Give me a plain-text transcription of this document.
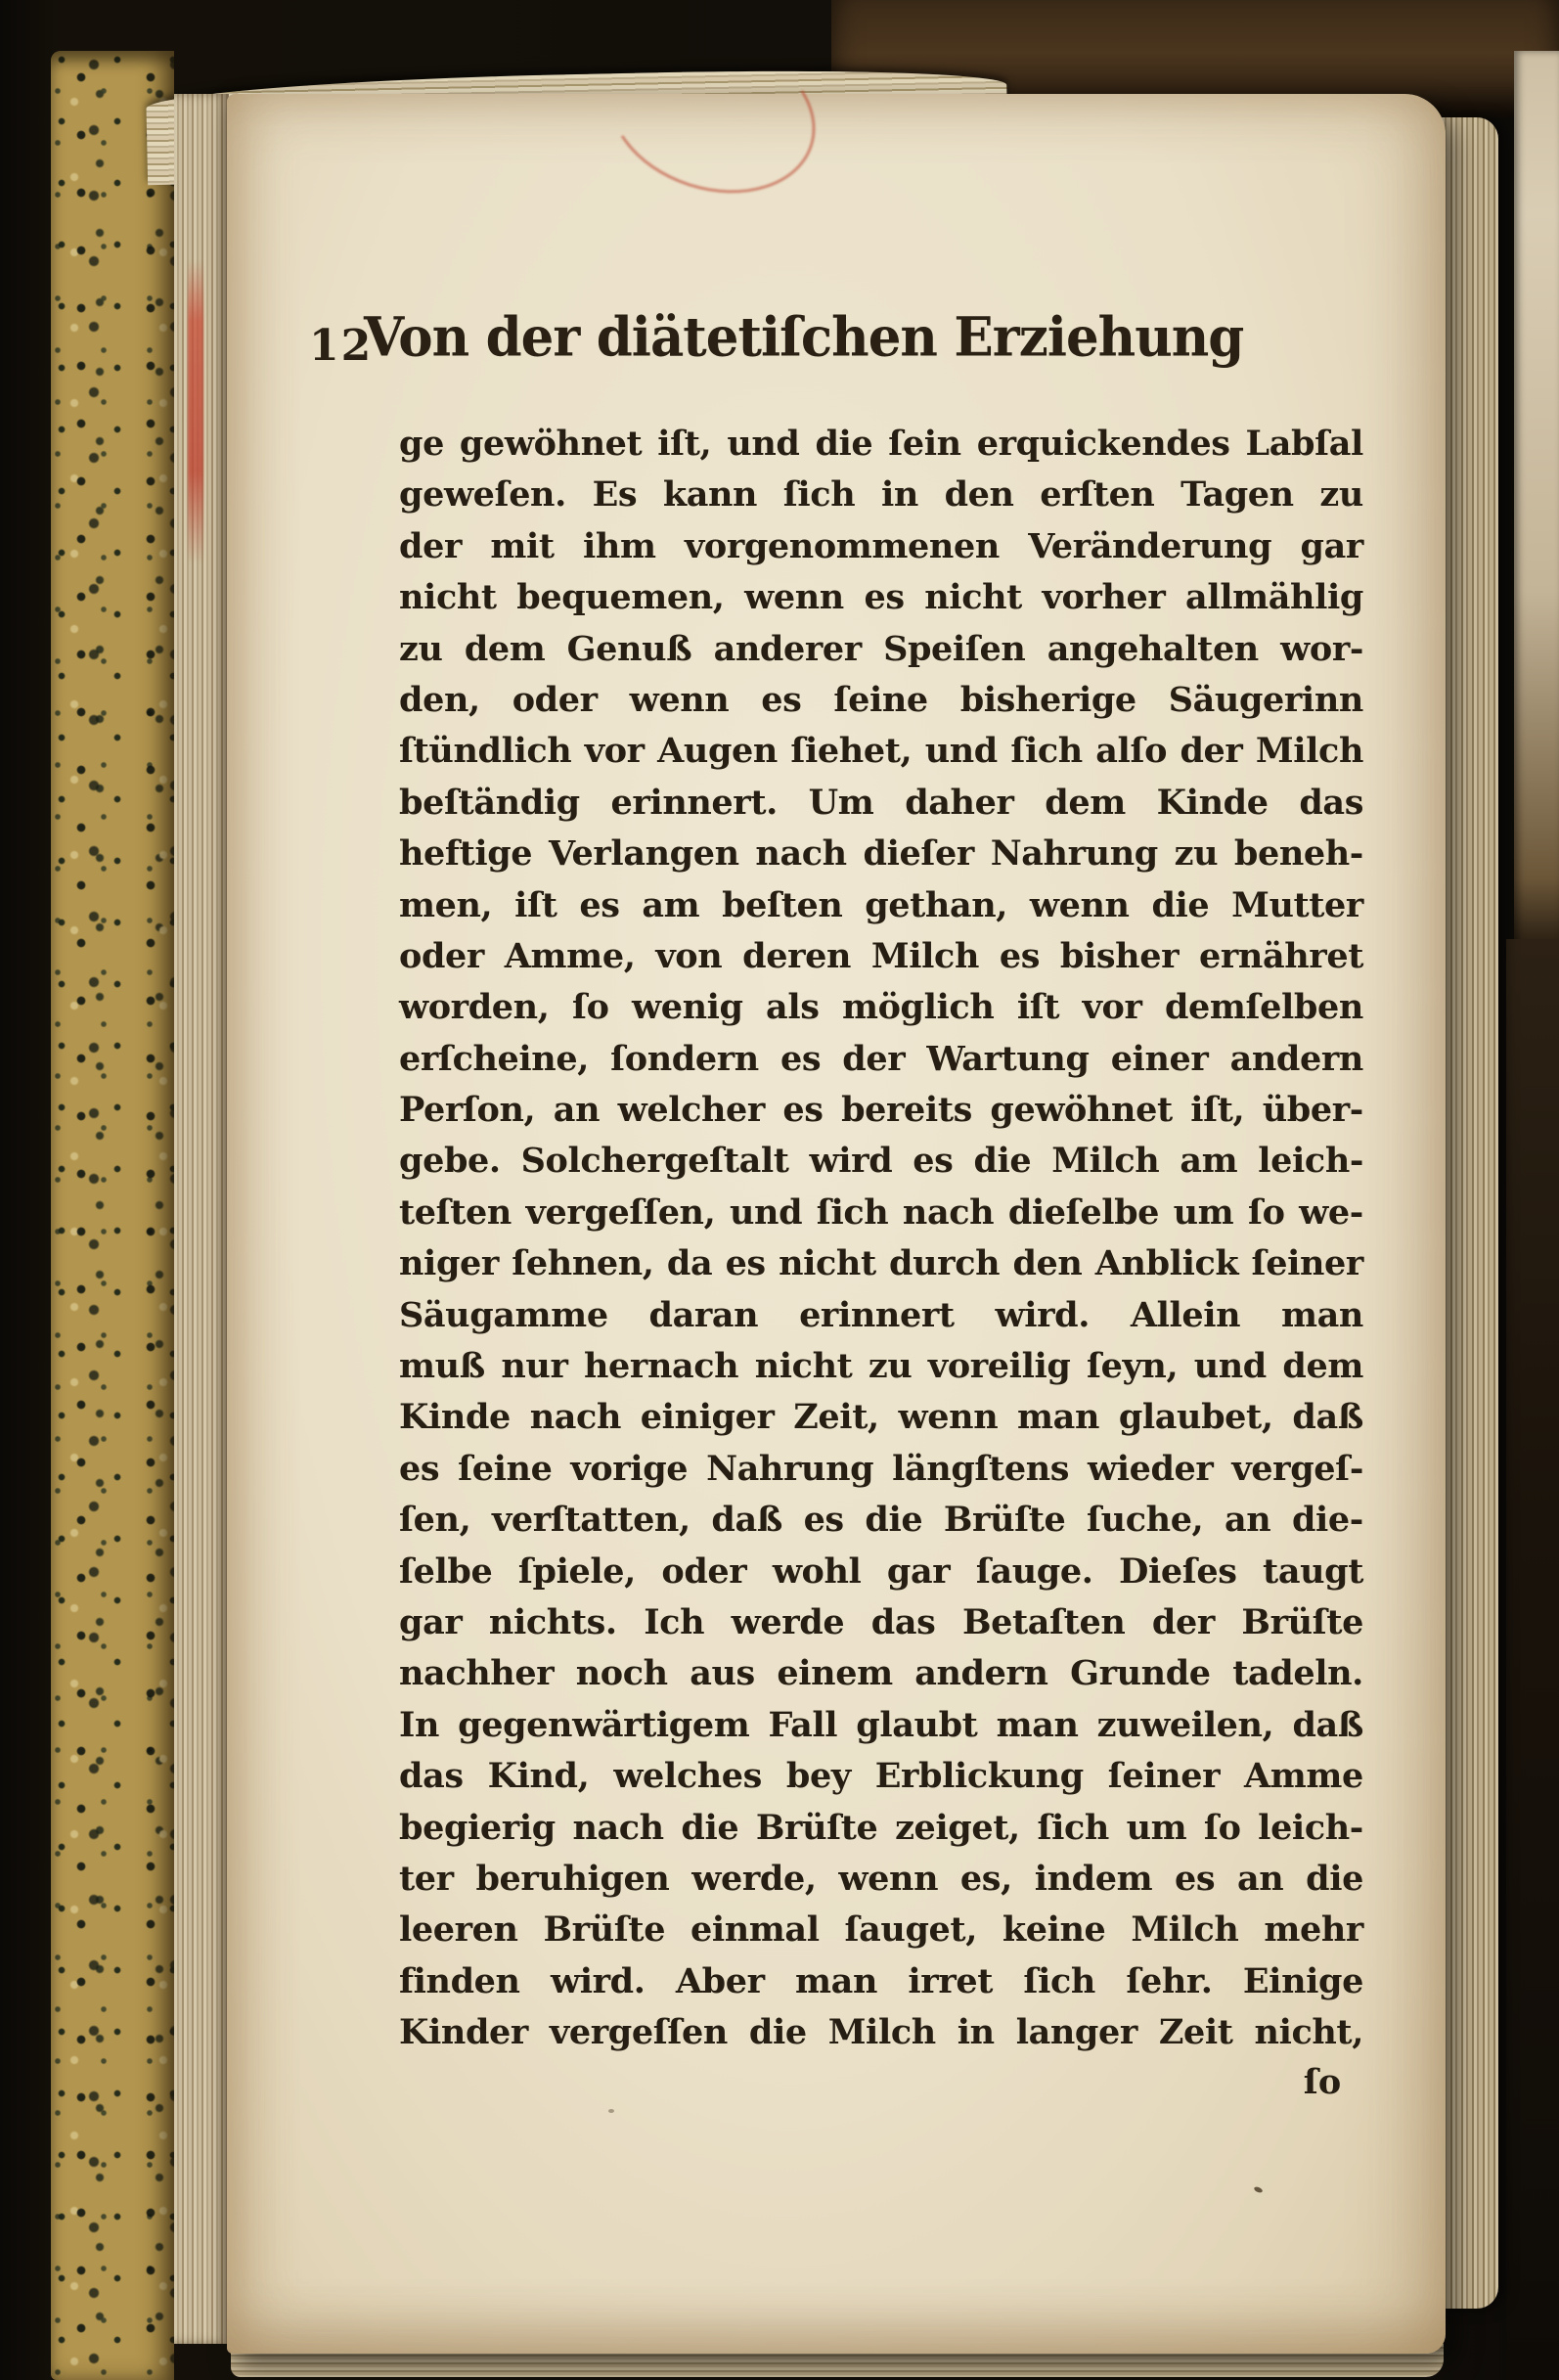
12
Von der diätetiſchen Erziehung
ge gewöhnet iſt, und die ſein erquickendes Labſal
geweſen. Es kann ſich in den erſten Tagen zu
der mit ihm vorgenommenen Veränderung gar
nicht bequemen, wenn es nicht vorher allmählig
zu dem Genuß anderer Speiſen angehalten wor-
den, oder wenn es ſeine bisherige Säugerinn
ſtündlich vor Augen ſiehet, und ſich alſo der Milch
beſtändig erinnert. Um daher dem Kinde das
heftige Verlangen nach dieſer Nahrung zu beneh-
men, iſt es am beſten gethan, wenn die Mutter
oder Amme, von deren Milch es bisher ernähret
worden, ſo wenig als möglich iſt vor demſelben
erſcheine, ſondern es der Wartung einer andern
Perſon, an welcher es bereits gewöhnet iſt, über-
gebe. Solchergeſtalt wird es die Milch am leich-
teſten vergeſſen, und ſich nach dieſelbe um ſo we-
niger ſehnen, da es nicht durch den Anblick ſeiner
Säugamme daran erinnert wird. Allein man
muß nur hernach nicht zu voreilig ſeyn, und dem
Kinde nach einiger Zeit, wenn man glaubet, daß
es ſeine vorige Nahrung längſtens wieder vergeſ-
ſen, verſtatten, daß es die Brüſte ſuche, an die-
ſelbe ſpiele, oder wohl gar ſauge. Dieſes taugt
gar nichts. Ich werde das Betaſten der Brüſte
nachher noch aus einem andern Grunde tadeln.
In gegenwärtigem Fall glaubt man zuweilen, daß
das Kind, welches bey Erblickung ſeiner Amme
begierig nach die Brüſte zeiget, ſich um ſo leich-
ter beruhigen werde, wenn es, indem es an die
leeren Brüſte einmal ſauget, keine Milch mehr
finden wird. Aber man irret ſich ſehr. Einige
Kinder vergeſſen die Milch in langer Zeit nicht,
ſo
